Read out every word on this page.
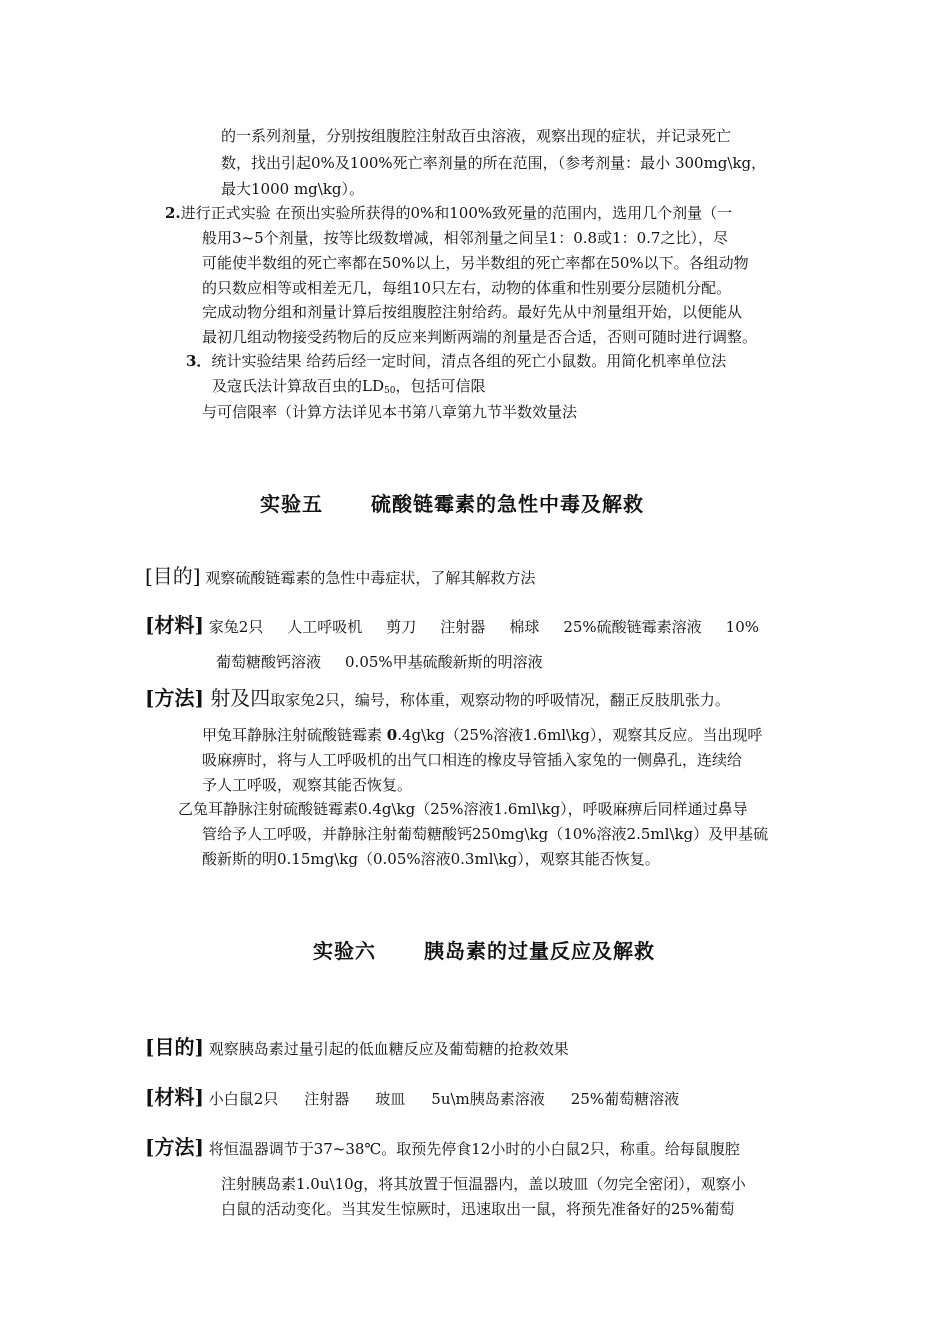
的一系列剂量，分别按组腹腔注射敌百虫溶液，观察出现的症状，并记录死亡
数，找出引起0%及100%死亡率剂量的所在范围，（参考剂量：最小 300mg\kg，
最大1000 mg\kg）。
2.进行正式实验 在预出实验所获得的0%和100%致死量的范围内，选用几个剂量（一
般用3~5个剂量，按等比级数增减，相邻剂量之间呈1：0.8或1：0.7之比），尽
可能使半数组的死亡率都在50%以上，另半数组的死亡率都在50%以下。各组动物
的只数应相等或相差无几，每组10只左右，动物的体重和性别要分层随机分配。
完成动物分组和剂量计算后按组腹腔注射给药。最好先从中剂量组开始，以便能从
最初几组动物接受药物后的反应来判断两端的剂量是否合适，否则可随时进行调整。
3．统计实验结果 给药后经一定时间，清点各组的死亡小鼠数。用简化机率单位法
及寇氏法计算敌百虫的$LD_{50}$，包括可信限
与可信限率（计算方法详见本书第八章第九节半数效量法
实验五 硫酸链霉素的急性中毒及解救
[目的] 观察硫酸链霉素的急性中毒症状，了解其解救方法
[材料] 家兔2只 人工呼吸机 剪刀 注射器 棉球 25%硫酸链霉素溶液 10%
葡萄糖酸钙溶液 0.05%甲基硫酸新斯的明溶液
[方法] 射及四取家兔2只，编号，称体重，观察动物的呼吸情况，翻正反肢肌张力。
甲兔耳静脉注射硫酸链霉素 0.4g\kg（25%溶液1.6ml\kg），观察其反应。当出现呼
吸麻痹时，将与人工呼吸机的出气口相连的橡皮导管插入家兔的一侧鼻孔，连续给
予人工呼吸，观察其能否恢复。
乙兔耳静脉注射硫酸链霉素0.4g\kg（25%溶液1.6ml\kg），呼吸麻痹后同样通过鼻导
管给予人工呼吸，并静脉注射葡萄糖酸钙250mg\kg（10%溶液2.5ml\kg）及甲基硫
酸新斯的明0.15mg\kg（0.05%溶液0.3ml\kg），观察其能否恢复。
实验六 胰岛素的过量反应及解救
[目的] 观察胰岛素过量引起的低血糖反应及葡萄糖的抢救效果
[材料] 小白鼠2只 注射器 玻皿 5u\m胰岛素溶液 25%葡萄糖溶液
[方法] 将恒温器调节于37~38℃。取预先停食12小时的小白鼠2只，称重。给每鼠腹腔
注射胰岛素1.0u\10g，将其放置于恒温器内，盖以玻皿（勿完全密闭），观察小
白鼠的活动变化。当其发生惊厥时，迅速取出一鼠，将预先准备好的25%葡萄
